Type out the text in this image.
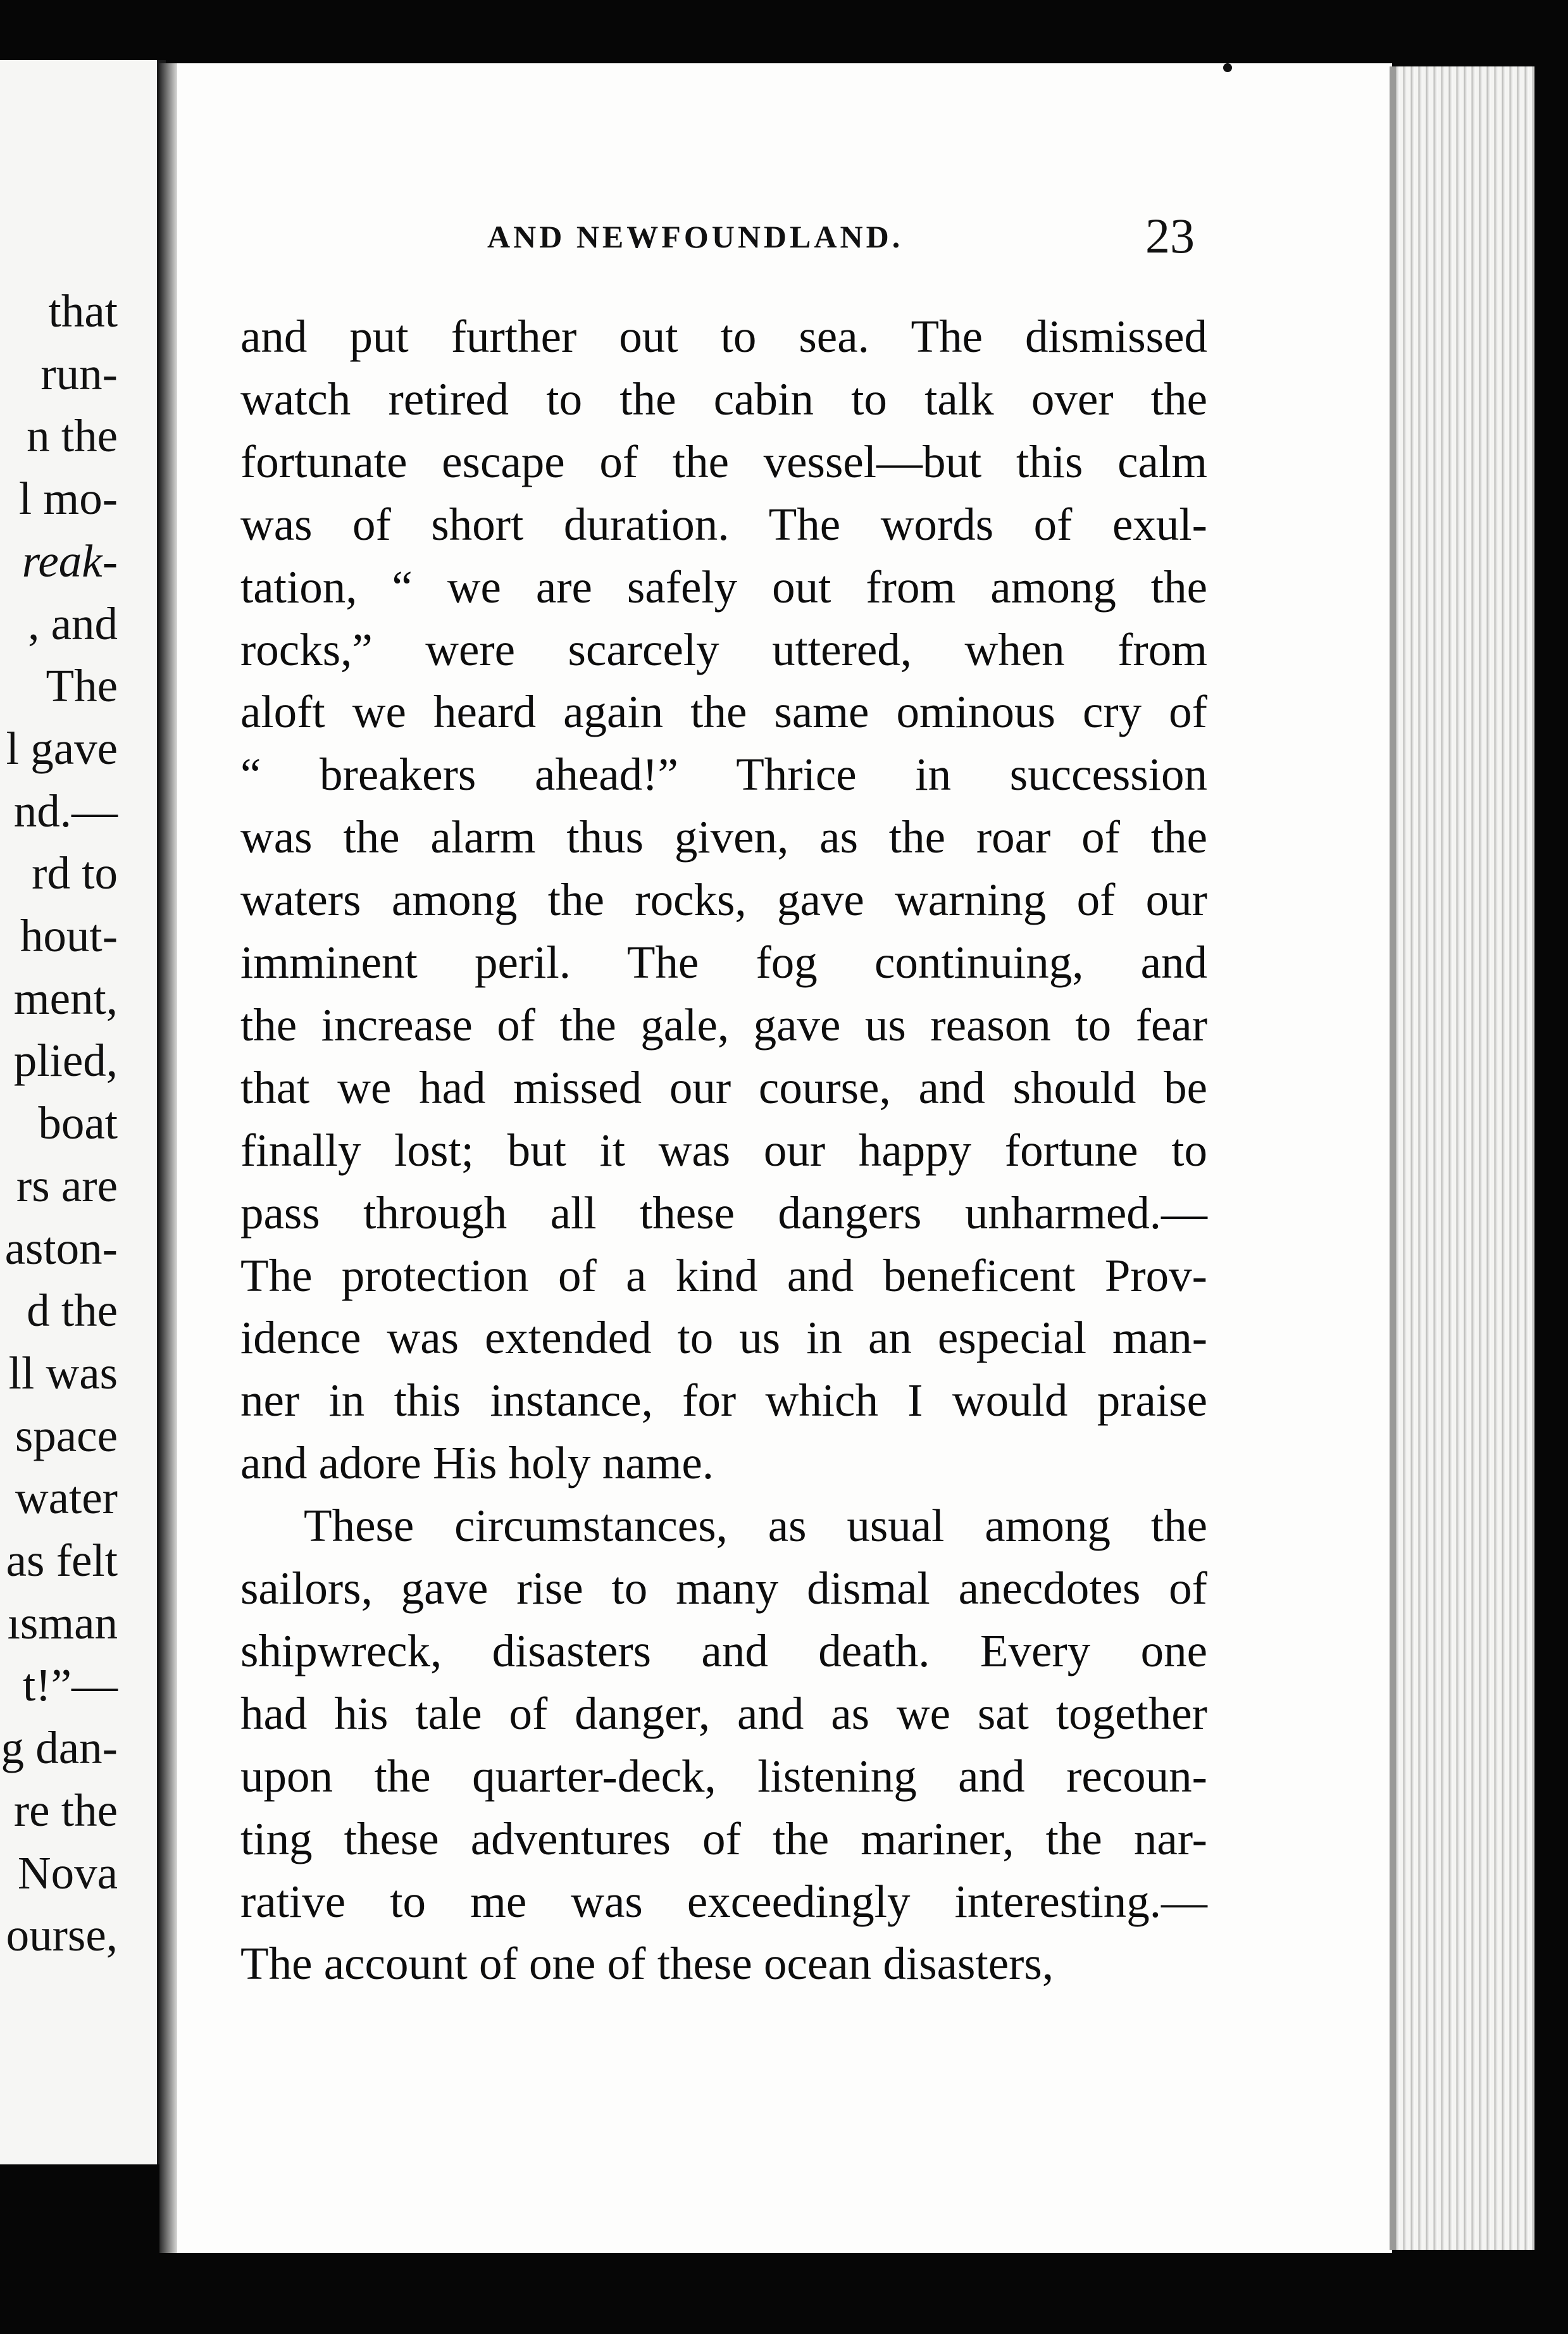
that
run-
n the
l mo-
reak-
, and
The
l gave
nd.—
rd to
hout-
ment,
plied,
boat
rs are
aston-
d the
ll was
space
water
as felt
ısman
t!”—
g dan-
re the
Nova
ourse,
AND NEWFOUNDLAND.	23
and put further out to sea. The dismissed
watch retired to the cabin to talk over the
fortunate escape of the vessel—but this calm
was of short duration. The words of exul-
tation, “ we are safely out from among the
rocks,” were scarcely uttered, when from
aloft we heard again the same ominous cry of
“ breakers ahead!” Thrice in succession
was the alarm thus given, as the roar of the
waters among the rocks, gave warning of our
imminent peril. The fog continuing, and
the increase of the gale, gave us reason to fear
that we had missed our course, and should be
finally lost; but it was our happy fortune to
pass through all these dangers unharmed.—
The protection of a kind and beneficent Prov-
idence was extended to us in an especial man-
ner in this instance, for which I would praise
and adore His holy name.
These circumstances, as usual among the
sailors, gave rise to many dismal anecdotes of
shipwreck, disasters and death. Every one
had his tale of danger, and as we sat together
upon the quarter-deck, listening and recoun-
ting these adventures of the mariner, the nar-
rative to me was exceedingly interesting.—
The account of one of these ocean disasters,
